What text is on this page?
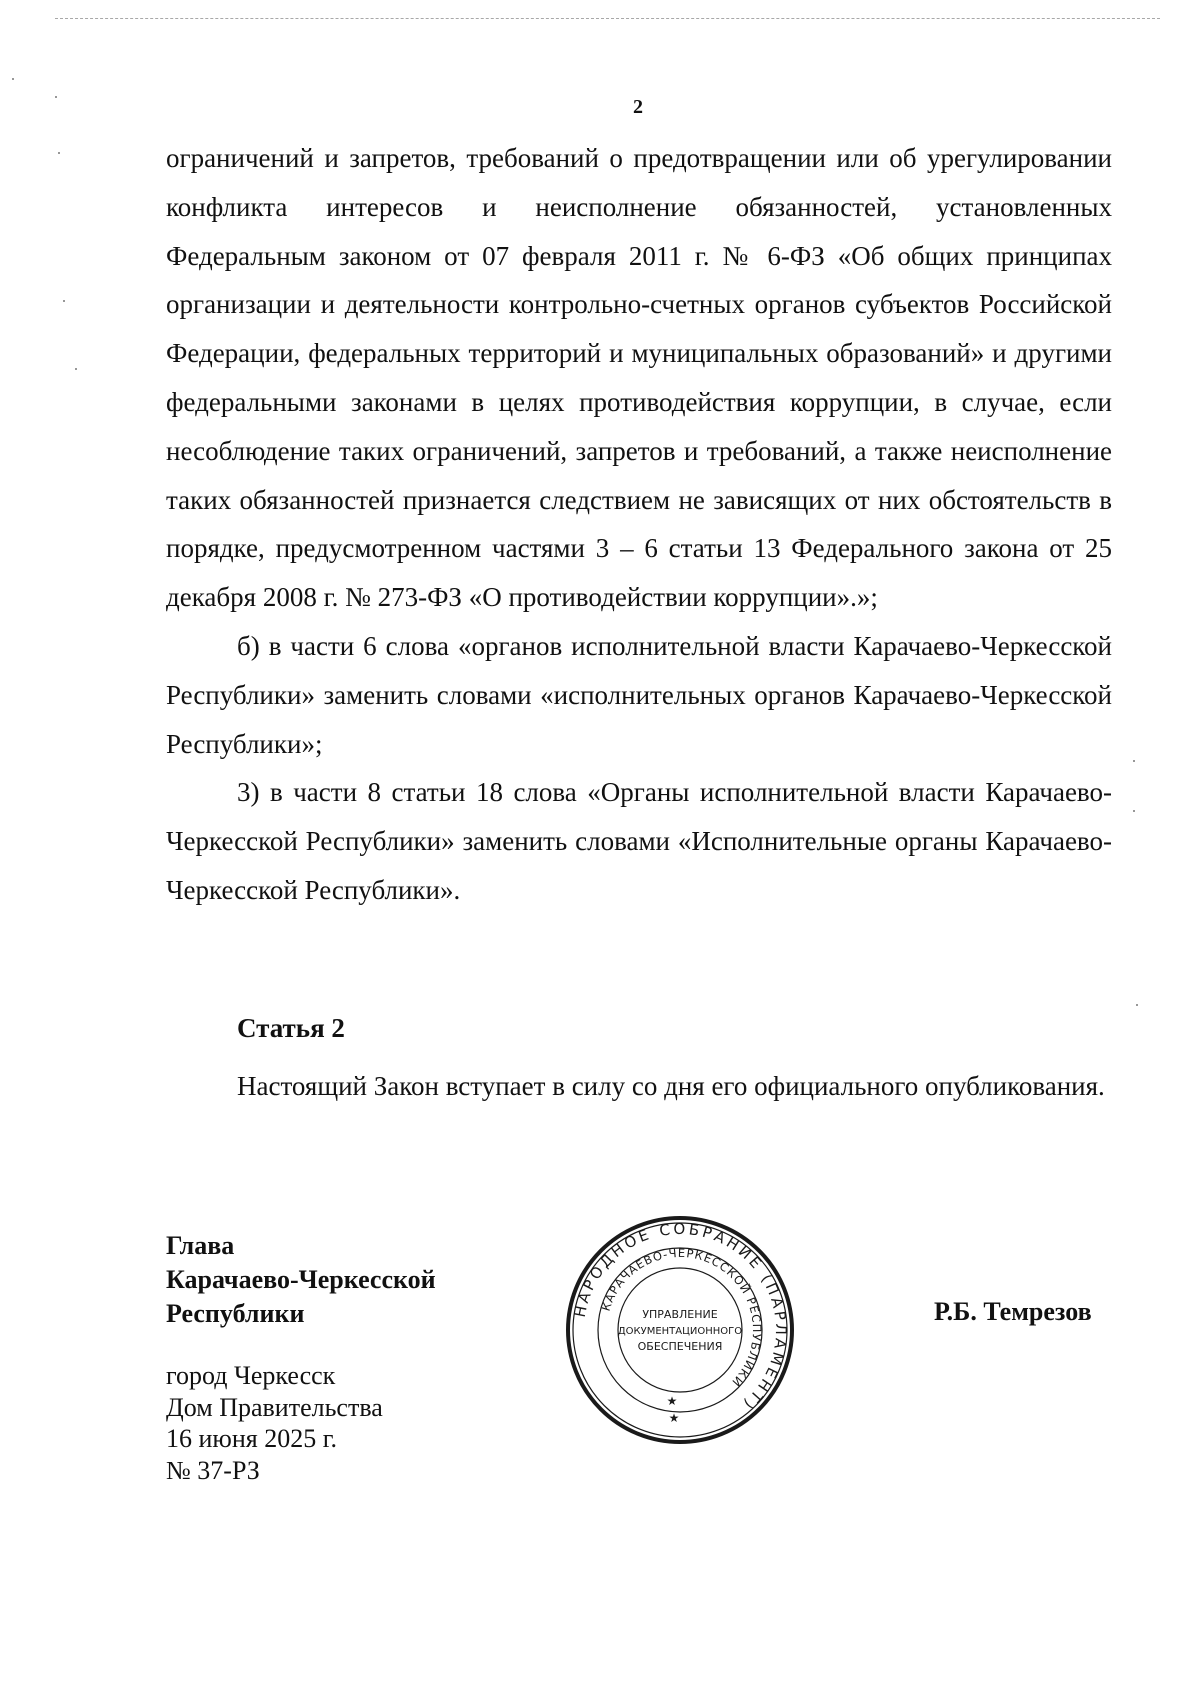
2

ограничений и запретов, требований о предотвращении или об урегулировании конфликта интересов и неисполнение обязанностей, установленных Федеральным законом от 07 февраля 2011 г. № 6-ФЗ «Об общих принципах организации и деятельности контрольно-счетных органов субъектов Российской Федерации, федеральных территорий и муниципальных образований» и другими федеральными законами в целях противодействия коррупции, в случае, если несоблюдение таких ограничений, запретов и требований, а также неисполнение таких обязанностей признается следствием не зависящих от них обстоятельств в порядке, предусмотренном частями 3 – 6 статьи 13 Федерального закона от 25 декабря 2008 г. № 273-ФЗ «О противодействии коррупции».»;

б) в части 6 слова «органов исполнительной власти Карачаево-Черкесской Республики» заменить словами «исполнительных органов Карачаево-Черкесской Республики»;

3) в части 8 статьи 18 слова «Органы исполнительной власти Карачаево-Черкесской Республики» заменить словами «Исполнительные органы Карачаево-Черкесской Республики».

Статья 2

Настоящий Закон вступает в силу со дня его официального опубликования.

Глава
Карачаево-Черкесской
Республики
город Черкесск
Дом Правительства
16 июня 2025 г.
№ 37-РЗ
Р.Б. Темрезов
НАРОДНОЕ СОБРАНИЕ (ПАРЛАМЕНТ)
КАРАЧАЕВО-ЧЕРКЕССКОЙ РЕСПУБЛИКИ
УПРАВЛЕНИЕ
ДОКУМЕНТАЦИОННОГО
ОБЕСПЕЧЕНИЯ
★
★
